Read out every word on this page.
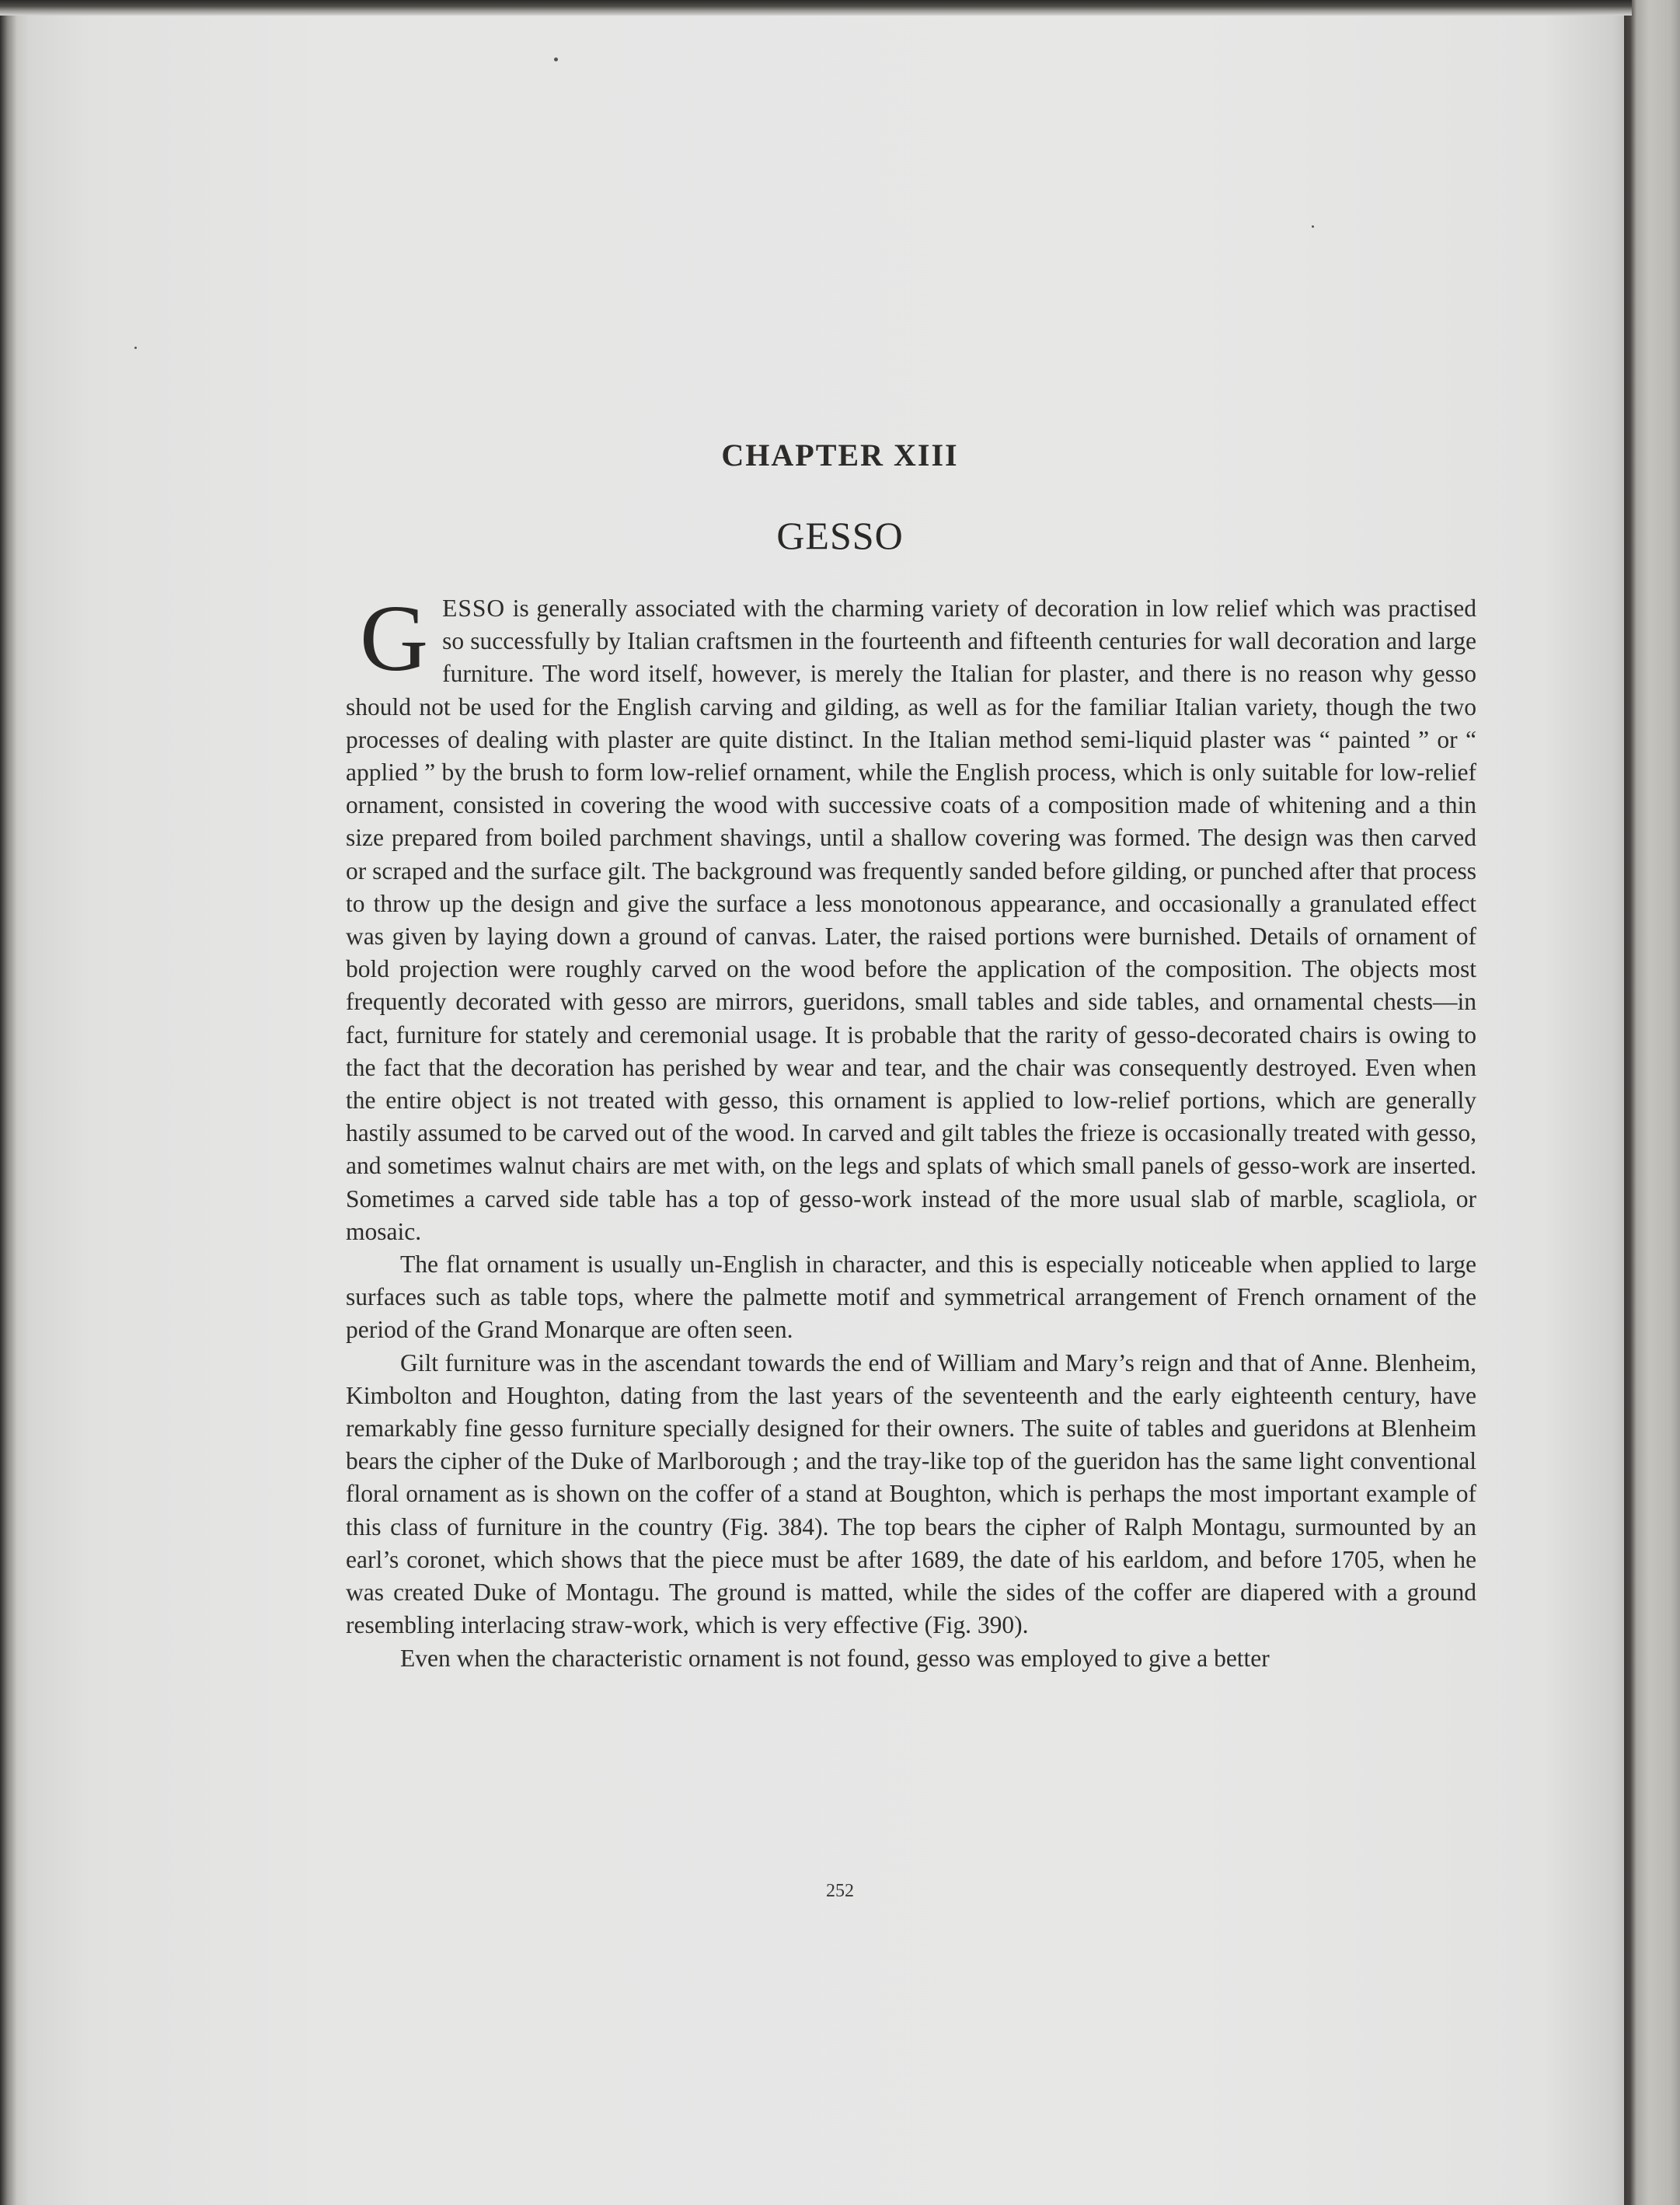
CHAPTER XIII
GESSO

GESSO is generally associated with the charming variety of decoration in low relief which was practised so successfully by Italian craftsmen in the fourteenth and fifteenth centuries for wall decoration and large furniture. The word itself, however, is merely the Italian for plaster, and there is no reason why gesso should not be used for the English carving and gilding, as well as for the familiar Italian variety, though the two processes of dealing with plaster are quite distinct. In the Italian method semi-liquid plaster was “ painted ” or “ applied ” by the brush to form low-relief ornament, while the English process, which is only suitable for low-relief ornament, consisted in covering the wood with successive coats of a composition made of whitening and a thin size prepared from boiled parchment shavings, until a shallow covering was formed. The design was then carved or scraped and the surface gilt. The background was frequently sanded before gilding, or punched after that process to throw up the design and give the surface a less monotonous appearance, and occasionally a granulated effect was given by laying down a ground of canvas. Later, the raised portions were burnished. Details of ornament of bold projection were roughly carved on the wood before the application of the composition. The objects most frequently decorated with gesso are mirrors, gueridons, small tables and side tables, and ornamental chests—in fact, furniture for stately and ceremonial usage. It is probable that the rarity of gesso-decorated chairs is owing to the fact that the decoration has perished by wear and tear, and the chair was consequently destroyed. Even when the entire object is not treated with gesso, this ornament is applied to low-relief portions, which are generally hastily assumed to be carved out of the wood. In carved and gilt tables the frieze is occasionally treated with gesso, and sometimes walnut chairs are met with, on the legs and splats of which small panels of gesso-work are inserted. Sometimes a carved side table has a top of gesso-work instead of the more usual slab of marble, scagliola, or mosaic.

The flat ornament is usually un-English in character, and this is especially noticeable when applied to large surfaces such as table tops, where the palmette motif and symmetrical arrangement of French ornament of the period of the Grand Monarque are often seen.

Gilt furniture was in the ascendant towards the end of William and Mary’s reign and that of Anne. Blenheim, Kimbolton and Houghton, dating from the last years of the seventeenth and the early eighteenth century, have remarkably fine gesso furniture specially designed for their owners. The suite of tables and gueridons at Blenheim bears the cipher of the Duke of Marlborough ; and the tray-like top of the gueridon has the same light conventional floral ornament as is shown on the coffer of a stand at Boughton, which is perhaps the most important example of this class of furniture in the country (Fig. 384). The top bears the cipher of Ralph Montagu, surmounted by an earl’s coronet, which shows that the piece must be after 1689, the date of his earldom, and before 1705, when he was created Duke of Montagu. The ground is matted, while the sides of the coffer are diapered with a ground resembling interlacing straw-work, which is very effective (Fig. 390).

Even when the characteristic ornament is not found, gesso was employed to give a better

252
